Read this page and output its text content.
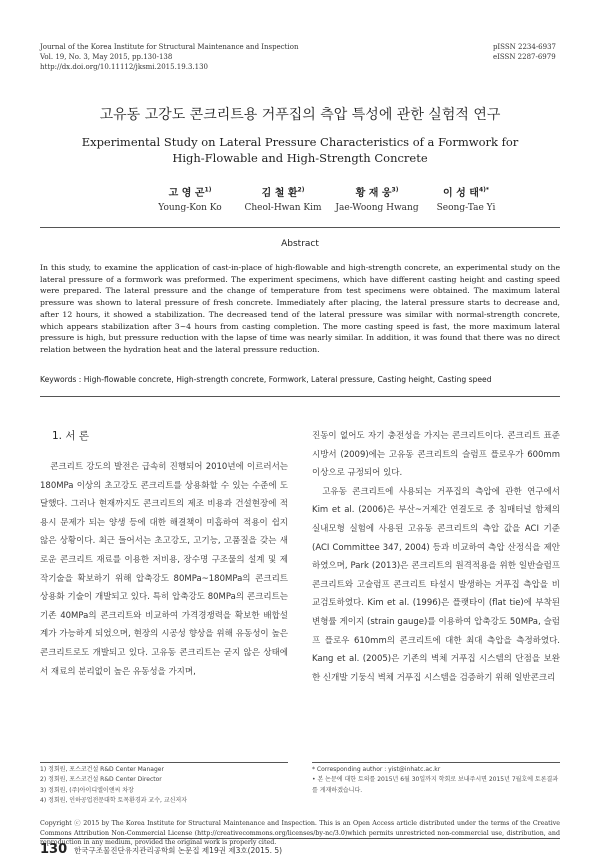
Journal of the Korea Institute for Structural Maintenance and Inspection
Vol. 19, No. 3, May 2015, pp.130-138
http://dx.doi.org/10.11112/jksmi.2015.19.3.130
pISSN 2234-6937
eISSN 2287-6979
고유동 고강도 콘크리트용 거푸집의 측압 특성에 관한 실험적 연구
Experimental Study on Lateral Pressure Characteristics of a Formwork for
High-Flowable and High-Strength Concrete
고 영 곤$^{1)}$
Young-Kon Ko
김 철 환$^{2)}$
Cheol-Hwan Kim
황 재 웅$^{3)}$
Jae-Woong Hwang
이 성 태$^{4)*}$
Seong-Tae Yi
Abstract
In this study, to examine the application of cast-in-place of high-flowable and high-strength concrete, an experimental study on the lateral pressure of a formwork was preformed. The experiment specimens, which have different casting height and casting speed were prepared. The lateral pressure and the change of temperature from test specimens were obtained. The maximum lateral pressure was shown to lateral pressure of fresh concrete. Immediately after placing, the lateral pressure starts to decrease and, after 12 hours, it showed a stabilization. The decreased tend of the lateral pressure was similar with normal-strength concrete, which appears stabilization after 3~4 hours from casting completion. The more casting speed is fast, the more maximum lateral pressure is high, but pressure reduction with the lapse of time was nearly similar. In addition, it was found that there was no direct relation between the hydration heat and the lateral pressure reduction.
Keywords : High-flowable concrete, High-strength concrete, Formwork, Lateral pressure, Casting height, Casting speed
1. 서 론

콘크리트 강도의 발전은 급속히 진행되어 2010년에 이르러서는 180MPa 이상의 초고강도 콘크리트를 상용화할 수 있는 수준에 도달했다. 그러나 현재까지도 콘크리트의 제조 비용과 건설현장에 적용시 문제가 되는 양생 등에 대한 해결책이 미흡하여 적용이 쉽지 않은 상황이다. 최근 들어서는 초고강도, 고기능, 고품질을 갖는 새로운 콘크리트 재료를 이용한 저비용, 장수명 구조물의 설계 및 제작기술을 확보하기 위해 압축강도 80MPa~180MPa의 콘크리트 상용화 기술이 개발되고 있다. 특히 압축강도 80MPa의 콘크리트는 기존 40MPa의 콘크리트와 비교하여 가격경쟁력을 확보한 배합설계가 가능하게 되었으며, 현장의 시공성 향상을 위해 유동성이 높은 콘크리트로도 개발되고 있다. 고유동 콘크리트는 굳지 않은 상태에서 재료의 분리없이 높은 유동성을 가지며,

진동이 없어도 자기 충전성을 가지는 콘크리트이다. 콘크리트 표준시방서 (2009)에는 고유동 콘크리트의 슬럼프 플로우가 600mm 이상으로 규정되어 있다.

고유동 콘크리트에 사용되는 거푸집의 측압에 관한 연구에서 Kim et al. (2006)은 부산~거제간 연결도로 중 침매터널 함체의 실내모형 실험에 사용된 고유동 콘크리트의 측압 값을 ACI 기준 (ACI Committee 347, 2004) 등과 비교하여 측압 산정식을 제안하였으며, Park (2013)은 콘크리트의 원격적용을 위한 일반슬럼프 콘크리트와 고슬럼프 콘크리트 타설시 발생하는 거푸집 측압을 비교검토하였다. Kim et al. (1996)은 플랫타이 (flat tie)에 부착된 변형률 게이지 (strain gauge)를 이용하여 압축강도 50MPa, 슬럼프 플로우 610mm의 콘크리트에 대한 최대 측압을 측정하였다. Kang et al. (2005)은 기존의 벽체 거푸집 시스템의 단점을 보완한 신개발 기둥식 벽체 거푸집 시스템을 검증하기 위해 일반콘크리

1) 정회원, 포스코건설 R&D Center Manager
2) 정회원, 포스코건설 R&D Center Director
3) 정회원, (주)아이디엘이앤씨 차장
4) 정회원, 인하공업전문대학 토목환경과 교수, 교신저자
* Corresponding author : yist@inhatc.ac.kr
• 본 논문에 대한 토의를 2015년 6월 30일까지 학회로 보내주시면 2015년 7월호에 토론결과를 게재하겠습니다.
Copyright ⓒ 2015 by The Korea Institute for Structural Maintenance and Inspection. This is an Open Access article distributed under the terms of the Creative Commons Attribution Non-Commercial License (http://creativecommons.org/licenses/by-nc/3.0)which permits unrestricted non-commercial use, distribution, and reproduction in any medium, provided the original work is properly cited.
130 한국구조물진단유지관리공학회 논문집 제19권 제3호(2015. 5)
